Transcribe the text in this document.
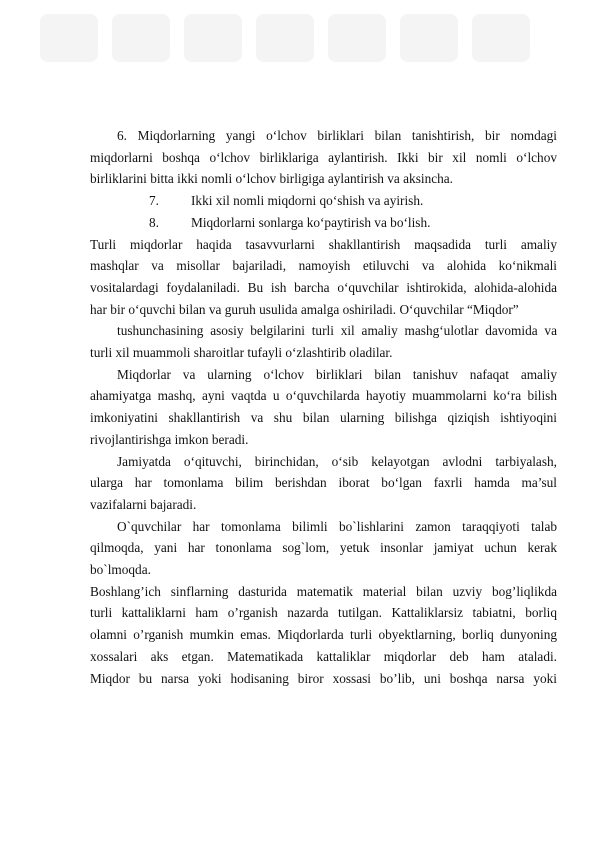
6. Miqdorlarning yangi o‘lchov birliklari bilan tanishtirish, bir nomdagi

miqdorlarni boshqa o‘lchov birliklariga aylantirish. Ikki bir xil nomli o‘lchov

birliklarini bitta ikki nomli o‘lchov birligiga aylantirish va aksincha.

7. Ikki xil nomli miqdorni qo‘shish va ayirish.

8. Miqdorlarni sonlarga ko‘paytirish va bo‘lish.

Turli miqdorlar haqida tasavvurlarni shakllantirish maqsadida turli amaliy

mashqlar va misollar bajariladi, namoyish etiluvchi va alohida ko‘nikmali

vositalardagi foydalaniladi. Bu ish barcha o‘quvchilar ishtirokida, alohida-alohida

har bir o‘quvchi bilan va guruh usulida amalga oshiriladi. O‘quvchilar “Miqdor”

tushunchasining asosiy belgilarini turli xil amaliy mashg‘ulotlar davomida va

turli xil muammoli sharoitlar tufayli o‘zlashtirib oladilar.

Miqdorlar va ularning o‘lchov birliklari bilan tanishuv nafaqat amaliy

ahamiyatga mashq, ayni vaqtda u o‘quvchilarda hayotiy muammolarni ko‘ra bilish

imkoniyatini shakllantirish va shu bilan ularning bilishga qiziqish ishtiyoqini

rivojlantirishga imkon beradi.

Jamiyatda o‘qituvchi, birinchidan, o‘sib kelayotgan avlodni tarbiyalash,

ularga har tomonlama bilim berishdan iborat bo‘lgan faxrli hamda ma’sul

vazifalarni bajaradi.

O`quvchilar har tomonlama bilimli bo`lishlarini zamon taraqqiyoti talab

qilmoqda, yani har tononlama sog`lom, yetuk insonlar jamiyat uchun kerak

bo`lmoqda.

Boshlang’ich sinflarning dasturida matematik material bilan uzviy bog’liqlikda

turli kattaliklarni ham o’rganish nazarda tutilgan. Kattaliklarsiz tabiatni, borliq

olamni o’rganish mumkin emas. Miqdorlarda turli obyektlarning, borliq dunyoning

xossalari aks etgan. Matematikada kattaliklar miqdorlar deb ham ataladi.

Miqdor bu narsa yoki hodisaning biror xossasi bo’lib, uni boshqa narsa yoki
